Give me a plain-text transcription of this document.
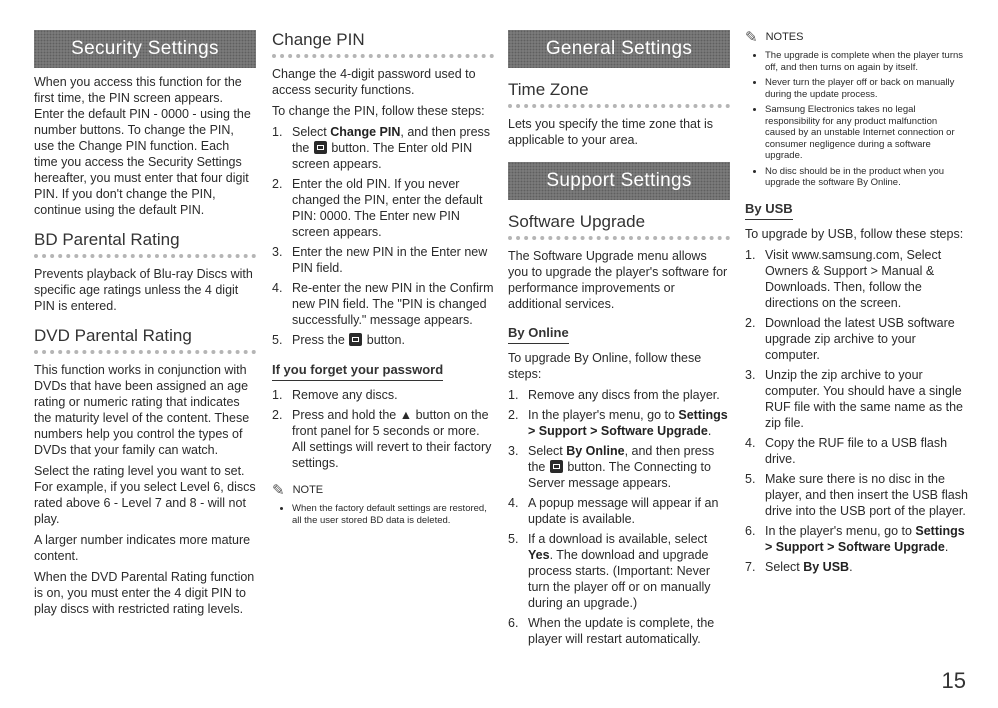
Security Settings

When you access this function for the first time, the PIN screen appears. Enter the default PIN - 0000 - using the number buttons. To change the PIN, use the Change PIN function. Each time you access the Security Settings hereafter, you must enter that four digit PIN. If you don't change the PIN, continue using the default PIN.

BD Parental Rating

Prevents playback of Blu-ray Discs with specific age ratings unless the 4 digit PIN is entered.

DVD Parental Rating

This function works in conjunction with DVDs that have been assigned an age rating or numeric rating that indicates the maturity level of the content. These numbers help you control the types of DVDs that your family can watch.

Select the rating level you want to set. For example, if you select Level 6, discs rated above 6 - Level 7 and 8 - will not play.

A larger number indicates more mature content.

When the DVD Parental Rating function is on, you must enter the 4 digit PIN to play discs with restricted rating levels.

Change PIN

Change the 4-digit password used to access security functions.

To change the PIN, follow these steps:

1. Select Change PIN, and then press the  button. The Enter old PIN screen appears.
2. Enter the old PIN. If you never changed the PIN, enter the default PIN: 0000. The Enter new PIN screen appears.
3. Enter the new PIN in the Enter new PIN field.
4. Re-enter the new PIN in the Confirm new PIN field. The "PIN is changed successfully." message appears.
5. Press the  button.
If you forget your password
1. Remove any discs.
2. Press and hold the ▲ button on the front panel for 5 seconds or more. All settings will revert to their factory settings.
✎ NOTE
• When the factory default settings are restored, all the user stored BD data is deleted.
General Settings
Time Zone

Lets you specify the time zone that is applicable to your area.

Support Settings
Software Upgrade

The Software Upgrade menu allows you to upgrade the player's software for performance improvements or additional services.

By Online

To upgrade By Online, follow these steps:

1. Remove any discs from the player.
2. In the player's menu, go to Settings > Support > Software Upgrade.
3. Select By Online, and then press the  button. The Connecting to Server message appears.
4. A popup message will appear if an update is available.
5. If a download is available, select Yes. The download and upgrade process starts. (Important: Never turn the player off or on manually during an upgrade.)
6. When the update is complete, the player will restart automatically.
✎ NOTES
• The upgrade is complete when the player turns off, and then turns on again by itself.
• Never turn the player off or back on manually during the update process.
• Samsung Electronics takes no legal responsibility for any product malfunction caused by an unstable Internet connection or consumer negligence during a software upgrade.
• No disc should be in the product when you upgrade the software By Online.
By USB

To upgrade by USB, follow these steps:

1. Visit www.samsung.com, Select Owners & Support > Manual & Downloads. Then, follow the directions on the screen.
2. Download the latest USB software upgrade zip archive to your computer.
3. Unzip the zip archive to your computer. You should have a single RUF file with the same name as the zip file.
4. Copy the RUF file to a USB flash drive.
5. Make sure there is no disc in the player, and then insert the USB flash drive into the USB port of the player.
6. In the player's menu, go to Settings > Support > Software Upgrade.
7. Select By USB.
15
